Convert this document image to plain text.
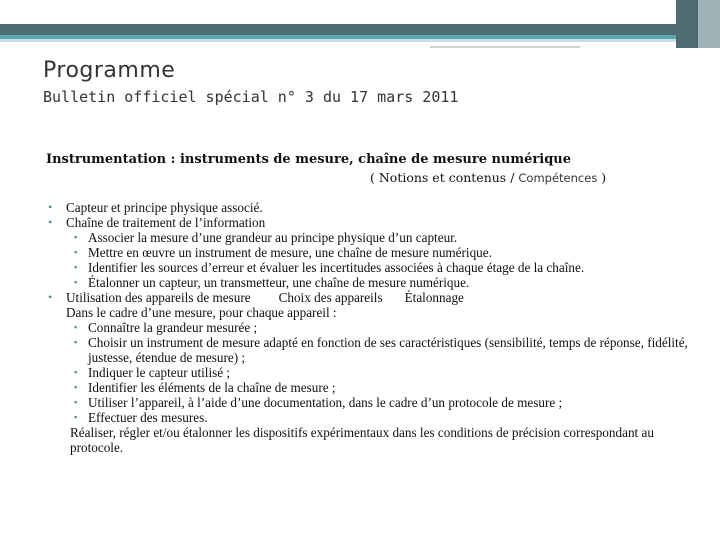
Programme
Bulletin officiel spécial n° 3 du 17 mars 2011
Instrumentation : instruments de mesure, chaîne de mesure numérique
( Notions et contenus / Compétences )
• Capteur et principe physique associé.
• Chaîne de traitement de l’information
▪ Associer la mesure d’une grandeur au principe physique d’un capteur.
▪ Mettre en œuvre un instrument de mesure, une chaîne de mesure numérique.
▪ Identifier les sources d’erreur et évaluer les incertitudes associées à chaque étage de la chaîne.
▪ Étalonner un capteur, un transmetteur, une chaîne de mesure numérique.
• Utilisation des appareils de mesure Choix des appareils Étalonnage
Dans le cadre d’une mesure, pour chaque appareil :
▪ Connaître la grandeur mesurée ;
▪ Choisir un instrument de mesure adapté en fonction de ses caractéristiques (sensibilité, temps de réponse, fidélité, justesse, étendue de mesure) ;
▪ Indiquer le capteur utilisé ;
▪ Identifier les éléments de la chaîne de mesure ;
▪ Utiliser l’appareil, à l’aide d’une documentation, dans le cadre d’un protocole de mesure ;
▪ Effectuer des mesures.
Réaliser, régler et/ou étalonner les dispositifs expérimentaux dans les conditions de précision correspondant au protocole.
